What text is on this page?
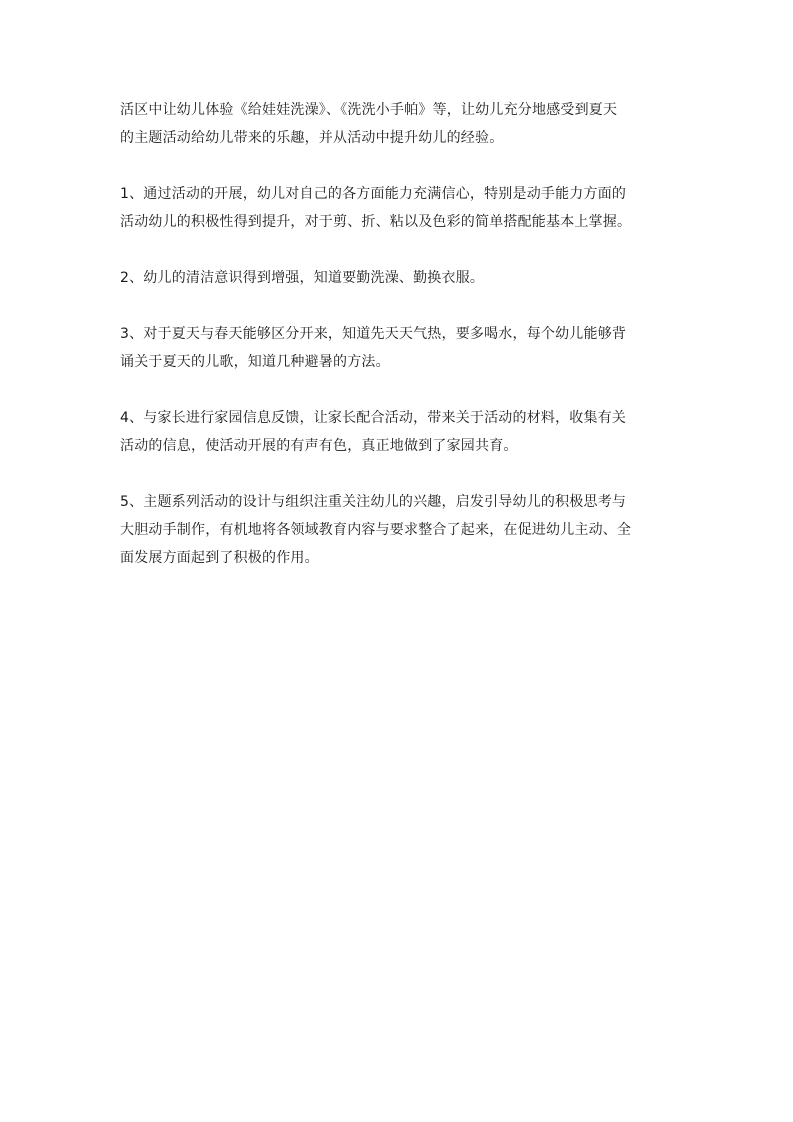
活区中让幼儿体验《给娃娃洗澡》、《洗洗小手帕》等，让幼儿充分地感受到夏天
的主题活动给幼儿带来的乐趣，并从活动中提升幼儿的经验。

1、通过活动的开展，幼儿对自己的各方面能力充满信心，特别是动手能力方面的
活动幼儿的积极性得到提升，对于剪、折、粘以及色彩的简单搭配能基本上掌握。

2、幼儿的清洁意识得到增强，知道要勤洗澡、勤换衣服。

3、对于夏天与春天能够区分开来，知道先天天气热，要多喝水，每个幼儿能够背
诵关于夏天的儿歌，知道几种避暑的方法。

4、与家长进行家园信息反馈，让家长配合活动，带来关于活动的材料，收集有关
活动的信息，使活动开展的有声有色，真正地做到了家园共育。

5、主题系列活动的设计与组织注重关注幼儿的兴趣，启发引导幼儿的积极思考与
大胆动手制作，有机地将各领域教育内容与要求整合了起来，在促进幼儿主动、全
面发展方面起到了积极的作用。
